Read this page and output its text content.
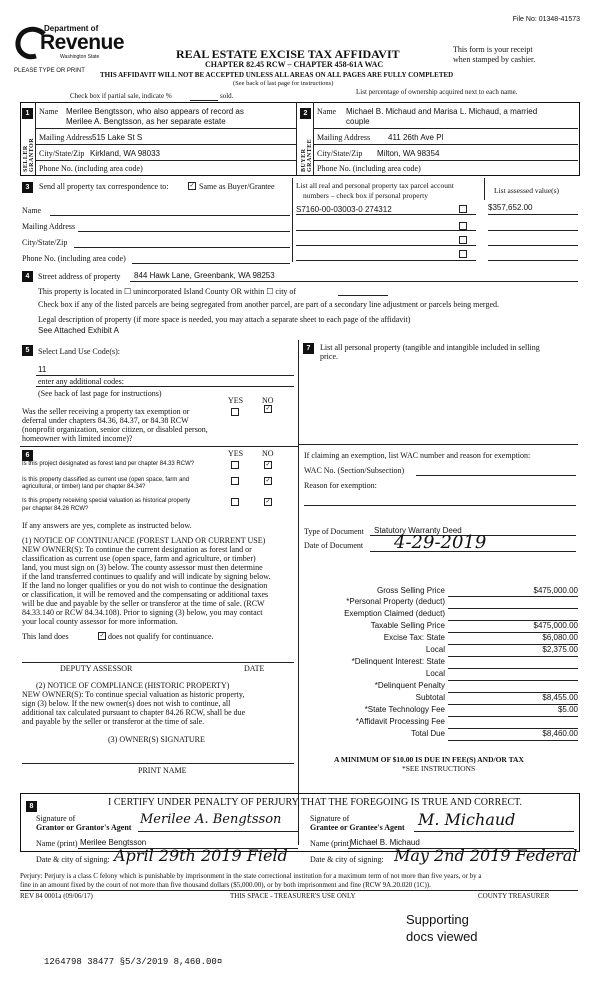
File No: 01348-41573
Department of
Revenue
Washington State
PLEASE TYPE OR PRINT
REAL ESTATE EXCISE TAX AFFIDAVIT
CHAPTER 82.45 RCW – CHAPTER 458-61A WAC
This form is your receipt
when stamped by cashier.
THIS AFFIDAVIT WILL NOT BE ACCEPTED UNLESS ALL AREAS ON ALL PAGES ARE FULLY COMPLETED
(See back of last page for instructions)
Check box if partial sale, indicate %	sold.	List percentage of ownership acquired next to each name.
1
SELLER GRANTOR
Name Merilee Bengtsson, who also appears of record as
Merilee A. Bengtsson, as her separate estate
Mailing Address 515 Lake St S
City/State/Zip Kirkland, WA 98033
Phone No. (including area code)
2
BUYER GRANTEE
Name Michael B. Michaud and Marisa L. Michaud, a married
couple
Mailing Address 411 26th Ave Pl
City/State/Zip Milton, WA 98354
Phone No. (including area code)
3	Send all property tax correspondence to:	✓ Same as Buyer/Grantee
Name
Mailing Address
City/State/Zip
Phone No. (including area code)
List all real and personal property tax parcel account
numbers – check box if personal property
List assessed value(s)
S7160-00-03003-0 274312	$357,652.00
4	Street address of property 844 Hawk Lane, Greenbank, WA 98253
This property is located in ☐ unincorporated Island County OR within ☐ city of
Check box if any of the listed parcels are being segregated from another parcel, are part of a secondary line adjustment or parcels being merged.
Legal description of property (if more space is needed, you may attach a separate sheet to each page of the affidavit)
See Attached Exhibit A
5	Select Land Use Code(s):
11
enter any additional codes:
(See back of last page for instructions)
YES NO
Was the seller receiving a property tax exemption or
deferral under chapters 84.36, 84.37, or 84.38 RCW
(nonprofit organization, senior citizen, or disabled person,
homeowner with limited income)?
✓
6	YES NO
Is this project designated as forest land per chapter 84.33 RCW?	✓
Is this property classified as current use (open space, farm and
agricultural, or timber) land per chapter 84.34?
✓
Is this property receiving special valuation as historical property
per chapter 84.26 RCW?
✓
If any answers are yes, complete as instructed below.
(1) NOTICE OF CONTINUANCE (FOREST LAND OR CURRENT USE)
NEW OWNER(S): To continue the current designation as forest land or
classification as current use (open space, farm and agriculture, or timber)
land, you must sign on (3) below. The county assessor must then determine
if the land transferred continues to qualify and will indicate by signing below.
If the land no longer qualifies or you do not wish to continue the designation
or classification, it will be removed and the compensating or additional taxes
will be due and payable by the seller or transferor at the time of sale. (RCW
84.33.140 or RCW 84.34.108). Prior to signing (3) below, you may contact
your local county assessor for more information.
This land does	✓ does not qualify for continuance.
DEPUTY ASSESSOR	DATE
(2) NOTICE OF COMPLIANCE (HISTORIC PROPERTY)
NEW OWNER(S): To continue special valuation as historic property,
sign (3) below. If the new owner(s) does not wish to continue, all
additional tax calculated pursuant to chapter 84.26 RCW, shall be due
and payable by the seller or transferor at the time of sale.
(3) OWNER(S) SIGNATURE
PRINT NAME
7	List all personal property (tangible and intangible included in selling
price.
If claiming an exemption, list WAC number and reason for exemption:
WAC No. (Section/Subsection)
Reason for exemption:
Type of Document Statutory Warranty Deed
Date of Document 4-29-2019
Gross Selling Price	$475,000.00
*Personal Property (deduct)
Exemption Claimed (deduct)
Taxable Selling Price	$475,000.00
Excise Tax: State	$6,080.00
Local	$2,375.00
*Delinquent Interest: State
Local
*Delinquent Penalty
Subtotal	$8,455.00
*State Technology Fee	$5.00
*Affidavit Processing Fee
Total Due	$8,460.00
A MINIMUM OF $10.00 IS DUE IN FEE(S) AND/OR TAX
*SEE INSTRUCTIONS
8	I CERTIFY UNDER PENALTY OF PERJURY THAT THE FOREGOING IS TRUE AND CORRECT.
Signature of
Grantor or Grantor's Agent
Merilee A. Bengtsson	Signature of
Grantee or Grantee's Agent M. Michaud
Name (print) Merilee Bengtsson	Name (print)
Michael B. Michaud
Date & city of signing: April 29th 2019 Field	Date & city of signing: May 2nd 2019 Federal
Perjury: Perjury is a class C felony which is punishable by imprisonment in the state correctional institution for a maximum term of not more than five years, or by a
fine in an amount fixed by the court of not more than five thousand dollars ($5,000.00), or by both imprisonment and fine (RCW 9A.20.020 (1C)).
REV 84 0001a (09/06/17)	THIS SPACE - TREASURER'S USE ONLY	COUNTY TREASURER
Supporting
docs viewed
1264798 38477 §5/3/2019 8,460.00¤
